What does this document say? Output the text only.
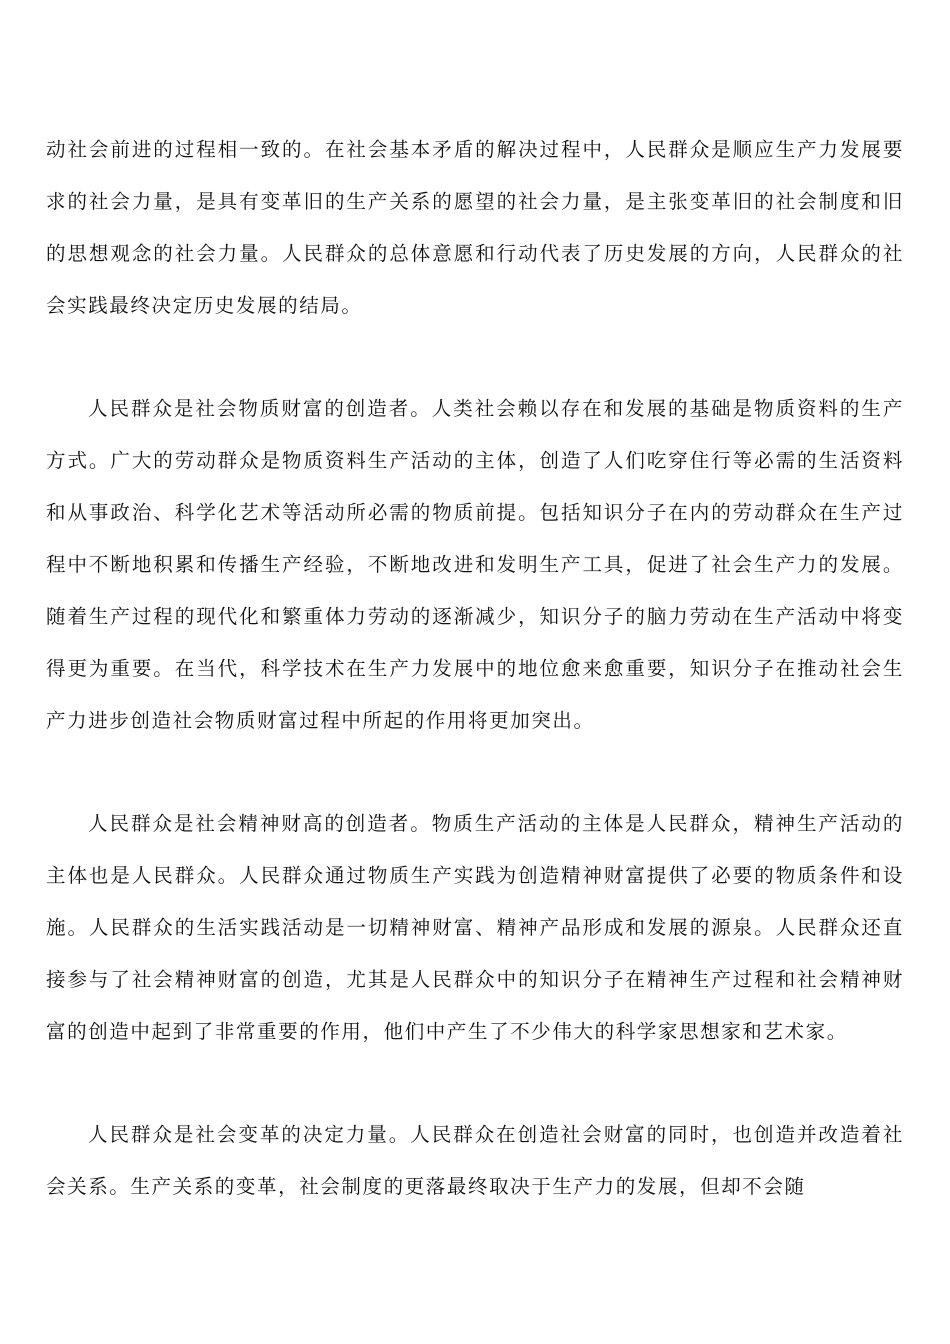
动社会前进的过程相一致的。在社会基本矛盾的解决过程中，人民群众是顺应生产力发展要求的社会力量，是具有变革旧的生产关系的愿望的社会力量，是主张变革旧的社会制度和旧的思想观念的社会力量。人民群众的总体意愿和行动代表了历史发展的方向，人民群众的社会实践最终决定历史发展的结局。

人民群众是社会物质财富的创造者。人类社会赖以存在和发展的基础是物质资料的生产方式。广大的劳动群众是物质资料生产活动的主体，创造了人们吃穿住行等必需的生活资料和从事政治、科学化艺术等活动所必需的物质前提。包括知识分子在内的劳动群众在生产过程中不断地积累和传播生产经验，不断地改进和发明生产工具，促进了社会生产力的发展。随着生产过程的现代化和繁重体力劳动的逐渐减少，知识分子的脑力劳动在生产活动中将变得更为重要。在当代，科学技术在生产力发展中的地位愈来愈重要，知识分子在推动社会生产力进步创造社会物质财富过程中所起的作用将更加突出。

人民群众是社会精神财高的创造者。物质生产活动的主体是人民群众，精神生产活动的主体也是人民群众。人民群众通过物质生产实践为创造精神财富提供了必要的物质条件和设施。人民群众的生活实践活动是一切精神财富、精神产品形成和发展的源泉。人民群众还直接参与了社会精神财富的创造，尤其是人民群众中的知识分子在精神生产过程和社会精神财富的创造中起到了非常重要的作用，他们中产生了不少伟大的科学家思想家和艺术家。

人民群众是社会变革的决定力量。人民群众在创造社会财富的同时，也创造并改造着社会关系。生产关系的变革，社会制度的更落最终取决于生产力的发展，但却不会随
